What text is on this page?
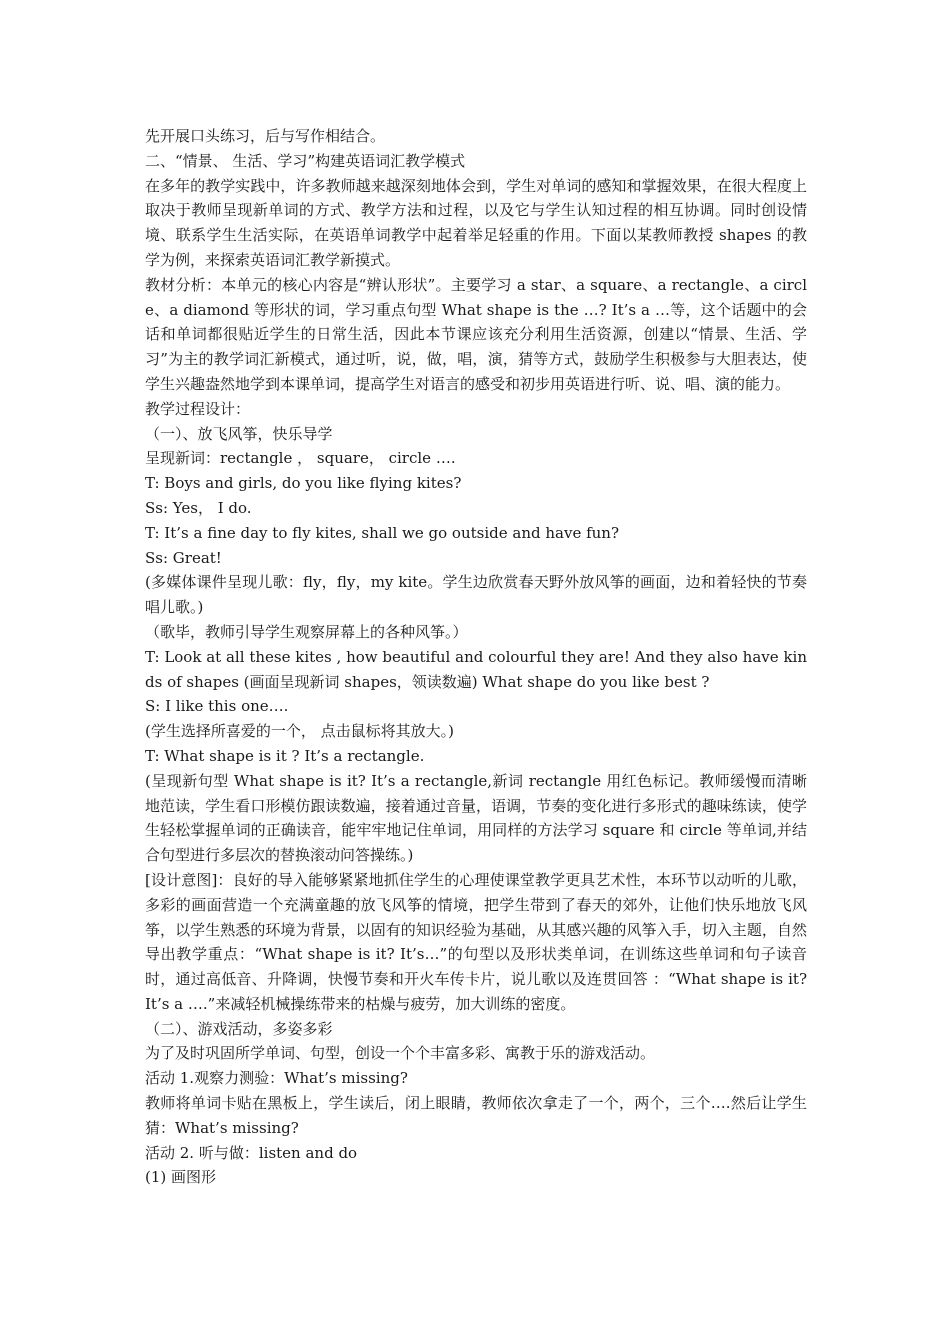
先开展口头练习，后与写作相结合。

二、“情景、 生活、学习”构建英语词汇教学模式

在多年的教学实践中，许多教师越来越深刻地体会到，学生对单词的感知和掌握效果，在很大程度上取决于教师呈现新单词的方式、教学方法和过程，以及它与学生认知过程的相互协调。同时创设情境、联系学生生活实际，在英语单词教学中起着举足轻重的作用。下面以某教师教授 shapes 的教学为例，来探索英语词汇教学新摸式。

教材分析：本单元的核心内容是“辨认形状”。主要学习 a star、a square、a rectangle、a circle、a diamond 等形状的词，学习重点句型 What shape is the …? It’s a …等，这个话题中的会话和单词都很贴近学生的日常生活，因此本节课应该充分利用生活资源，创建以“情景、生活、学习”为主的教学词汇新模式，通过听，说，做，唱，演，猜等方式，鼓励学生积极参与大胆表达，使学生兴趣盎然地学到本课单词，提高学生对语言的感受和初步用英语进行听、说、唱、演的能力。

教学过程设计：

（一）、放飞风筝，快乐导学

呈现新词：rectangle ， square， circle ….

T: Boys and girls, do you like flying kites?

Ss: Yes， I do.

T: It’s a fine day to fly kites, shall we go outside and have fun?

Ss: Great!

(多媒体课件呈现儿歌：fly，fly，my kite。学生边欣赏春天野外放风筝的画面，边和着轻快的节奏唱儿歌。)

（歌毕，教师引导学生观察屏幕上的各种风筝。）

T: Look at all these kites , how beautiful and colourful they are! And they also have kinds of shapes (画面呈现新词 shapes，领读数遍) What shape do you like best ?

S: I like this one….

(学生选择所喜爱的一个， 点击鼠标将其放大。)

T: What shape is it ? It’s a rectangle.

(呈现新句型 What shape is it? It’s a rectangle,新词 rectangle 用红色标记。教师缓慢而清晰地范读，学生看口形模仿跟读数遍，接着通过音量，语调，节奏的变化进行多形式的趣味练读，使学生轻松掌握单词的正确读音，能牢牢地记住单词，用同样的方法学习 square 和 circle 等单词,并结合句型进行多层次的替换滚动问答操练。)

[设计意图]：良好的导入能够紧紧地抓住学生的心理使课堂教学更具艺术性，本环节以动听的儿歌，多彩的画面营造一个充满童趣的放飞风筝的情境，把学生带到了春天的郊外，让他们快乐地放飞风筝，以学生熟悉的环境为背景，以固有的知识经验为基础，从其感兴趣的风筝入手，切入主题，自然导出教学重点：“What shape is it? It’s…”的句型以及形状类单词，在训练这些单词和句子读音时，通过高低音、升降调，快慢节奏和开火车传卡片，说儿歌以及连贯回答 ：“What shape is it? It’s a ….”来减轻机械操练带来的枯燥与疲劳，加大训练的密度。

（二）、游戏活动，多姿多彩

为了及时巩固所学单词、句型，创设一个个丰富多彩、寓教于乐的游戏活动。

活动 1.观察力测验：What’s missing?

教师将单词卡贴在黑板上，学生读后，闭上眼睛，教师依次拿走了一个，两个，三个….然后让学生猜：What’s missing?

活动 2. 听与做：listen and do

(1) 画图形
